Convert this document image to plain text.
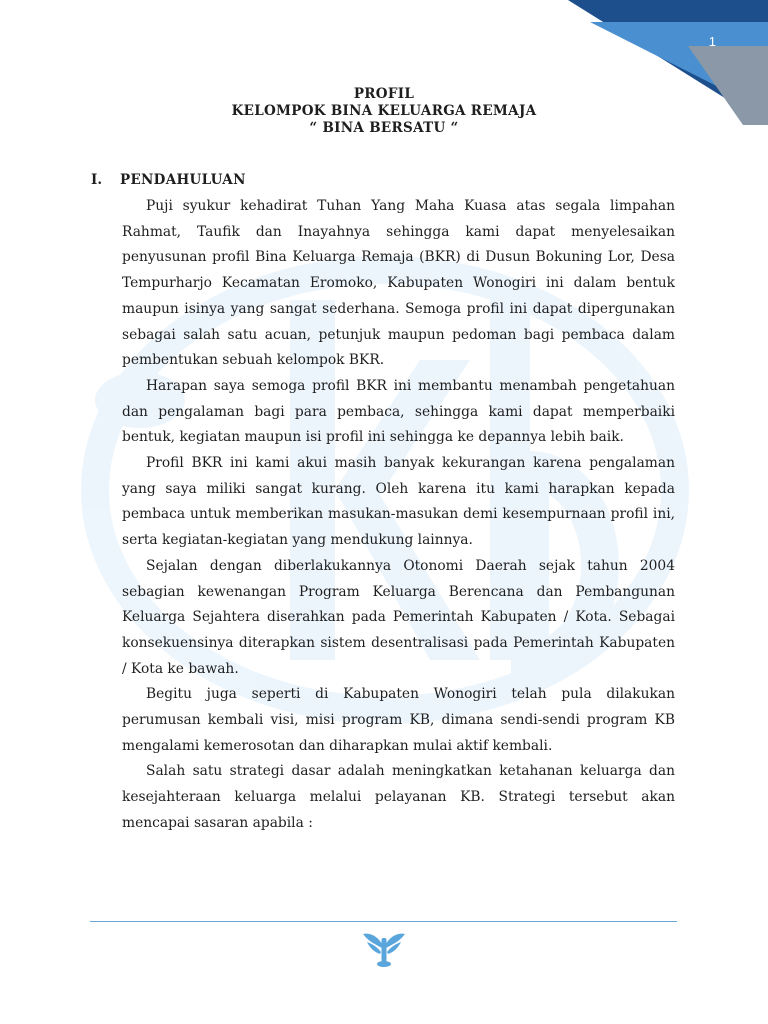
1
PROFIL
KELOMPOK BINA KELUARGA REMAJA
“ BINA BERSATU “
I. PENDAHULUAN

Puji syukur kehadirat Tuhan Yang Maha Kuasa atas segala limpahan Rahmat, Taufik dan Inayahnya sehingga kami dapat menyelesaikan penyusunan profil Bina Keluarga Remaja (BKR) di Dusun Bokuning Lor, Desa Tempurharjo Kecamatan Eromoko, Kabupaten Wonogiri ini dalam bentuk maupun isinya yang sangat sederhana. Semoga profil ini dapat dipergunakan sebagai salah satu acuan, petunjuk maupun pedoman bagi pembaca dalam pembentukan sebuah kelompok BKR.

Harapan saya semoga profil BKR ini membantu menambah pengetahuan dan pengalaman bagi para pembaca, sehingga kami dapat memperbaiki bentuk, kegiatan maupun isi profil ini sehingga ke depannya lebih baik.

Profil BKR ini kami akui masih banyak kekurangan karena pengalaman yang saya miliki sangat kurang. Oleh karena itu kami harapkan kepada pembaca untuk memberikan masukan-masukan demi kesempurnaan profil ini, serta kegiatan-kegiatan yang mendukung lainnya.

Sejalan dengan diberlakukannya Otonomi Daerah sejak tahun 2004 sebagian kewenangan Program Keluarga Berencana dan Pembangunan Keluarga Sejahtera diserahkan pada Pemerintah Kabupaten / Kota. Sebagai konsekuensinya diterapkan sistem desentralisasi pada Pemerintah Kabupaten / Kota ke bawah.

Begitu juga seperti di Kabupaten Wonogiri telah pula dilakukan perumusan kembali visi, misi program KB, dimana sendi-sendi program KB mengalami kemerosotan dan diharapkan mulai aktif kembali.

Salah satu strategi dasar adalah meningkatkan ketahanan keluarga dan kesejahteraan keluarga melalui pelayanan KB. Strategi tersebut akan mencapai sasaran apabila :
